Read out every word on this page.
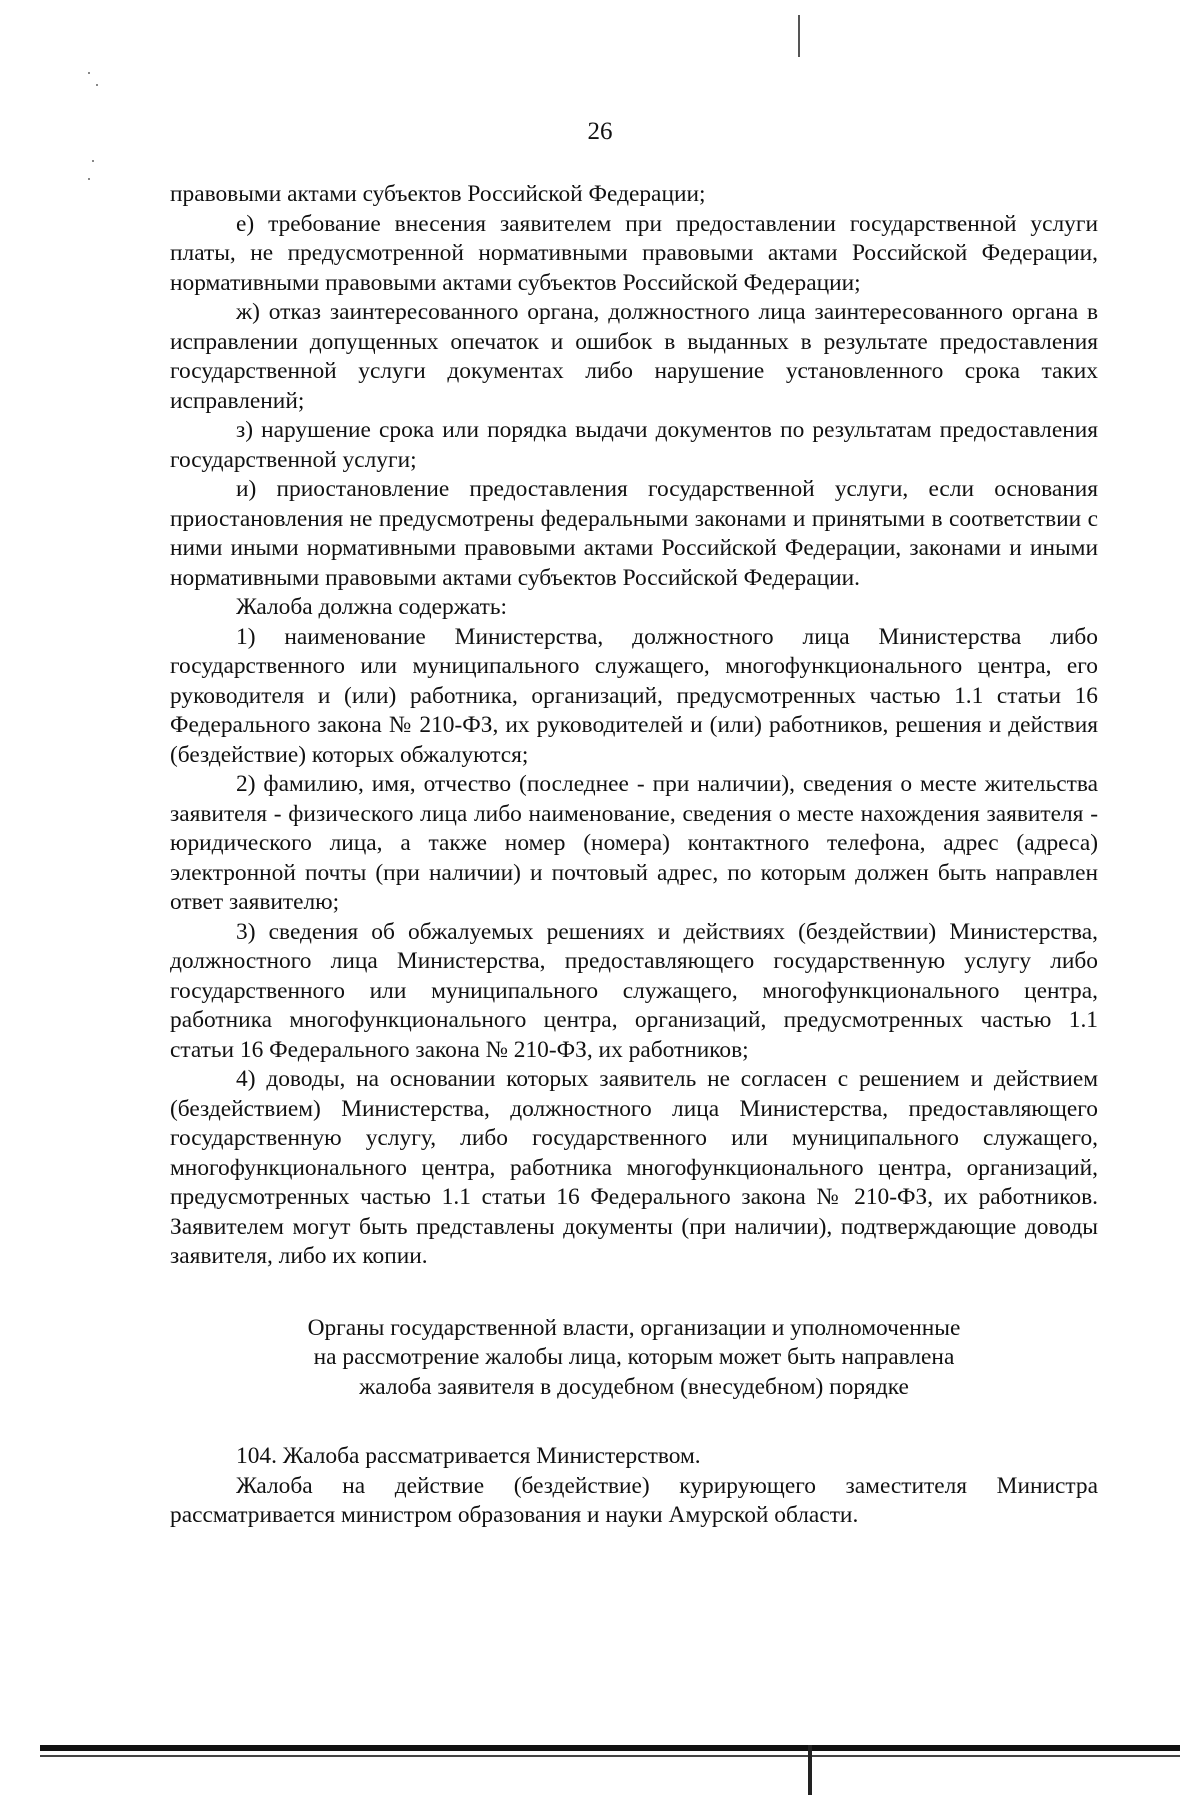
26

правовыми актами субъектов Российской Федерации;

е) требование внесения заявителем при предоставлении государственной услуги платы, не предусмотренной нормативными правовыми актами Российской Федерации, нормативными правовыми актами субъектов Российской Федерации;

ж) отказ заинтересованного органа, должностного лица заинтересованного органа в исправлении допущенных опечаток и ошибок в выданных в результате предоставления государственной услуги документах либо нарушение установленного срока таких исправлений;

з) нарушение срока или порядка выдачи документов по результатам предоставления государственной услуги;

и) приостановление предоставления государственной услуги, если основания приостановления не предусмотрены федеральными законами и принятыми в соответствии с ними иными нормативными правовыми актами Российской Федерации, законами и иными нормативными правовыми актами субъектов Российской Федерации.

Жалоба должна содержать:

1) наименование Министерства, должностного лица Министерства либо государственного или муниципального служащего, многофункционального центра, его руководителя и (или) работника, организаций, предусмотренных частью 1.1 статьи 16 Федерального закона № 210-ФЗ, их руководителей и (или) работников, решения и действия (бездействие) которых обжалуются;

2) фамилию, имя, отчество (последнее - при наличии), сведения о месте жительства заявителя - физического лица либо наименование, сведения о месте нахождения заявителя - юридического лица, а также номер (номера) контактного телефона, адрес (адреса) электронной почты (при наличии) и почтовый адрес, по которым должен быть направлен ответ заявителю;

3) сведения об обжалуемых решениях и действиях (бездействии) Министерства, должностного лица Министерства, предоставляющего государственную услугу либо государственного или муниципального служащего, многофункционального центра, работника многофункционального центра, организаций, предусмотренных частью 1.1 статьи 16 Федерального закона № 210-ФЗ, их работников;

4) доводы, на основании которых заявитель не согласен с решением и действием (бездействием) Министерства, должностного лица Министерства, предоставляющего государственную услугу, либо государственного или муниципального служащего, многофункционального центра, работника многофункционального центра, организаций, предусмотренных частью 1.1 статьи 16 Федерального закона № 210-ФЗ, их работников. Заявителем могут быть представлены документы (при наличии), подтверждающие доводы заявителя, либо их копии.

Органы государственной власти, организации и уполномоченные
на рассмотрение жалобы лица, которым может быть направлена
жалоба заявителя в досудебном (внесудебном) порядке

104. Жалоба рассматривается Министерством.

Жалоба на действие (бездействие) курирующего заместителя Министра рассматривается министром образования и науки Амурской области.
